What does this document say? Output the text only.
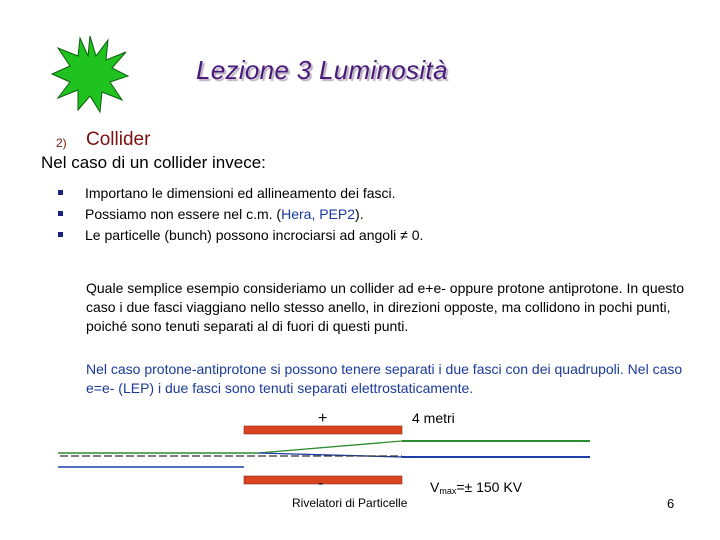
Lezione 3 Luminosità
2) Collider
Nel caso di un collider invece:
Importano le dimensioni ed allineamento dei fasci.
Possiamo non essere nel c.m. (Hera, PEP2).
Le particelle (bunch) possono incrociarsi ad angoli ≠ 0.
Quale semplice esempio consideriamo un collider ad e+e- oppure protone antiprotone. In questo caso i due fasci viaggiano nello stesso anello, in direzioni opposte, ma collidono in pochi punti, poiché sono tenuti separati al di fuori di questi punti.
Nel caso protone-antiprotone si possono tenere separati i due fasci con dei quadrupoli. Nel caso e=e- (LEP) i due fasci sono tenuti separati elettrostaticamente.
+	4 metri
-	$V_{max}=\pm 150$ KV
Rivelatori di Particelle	6
